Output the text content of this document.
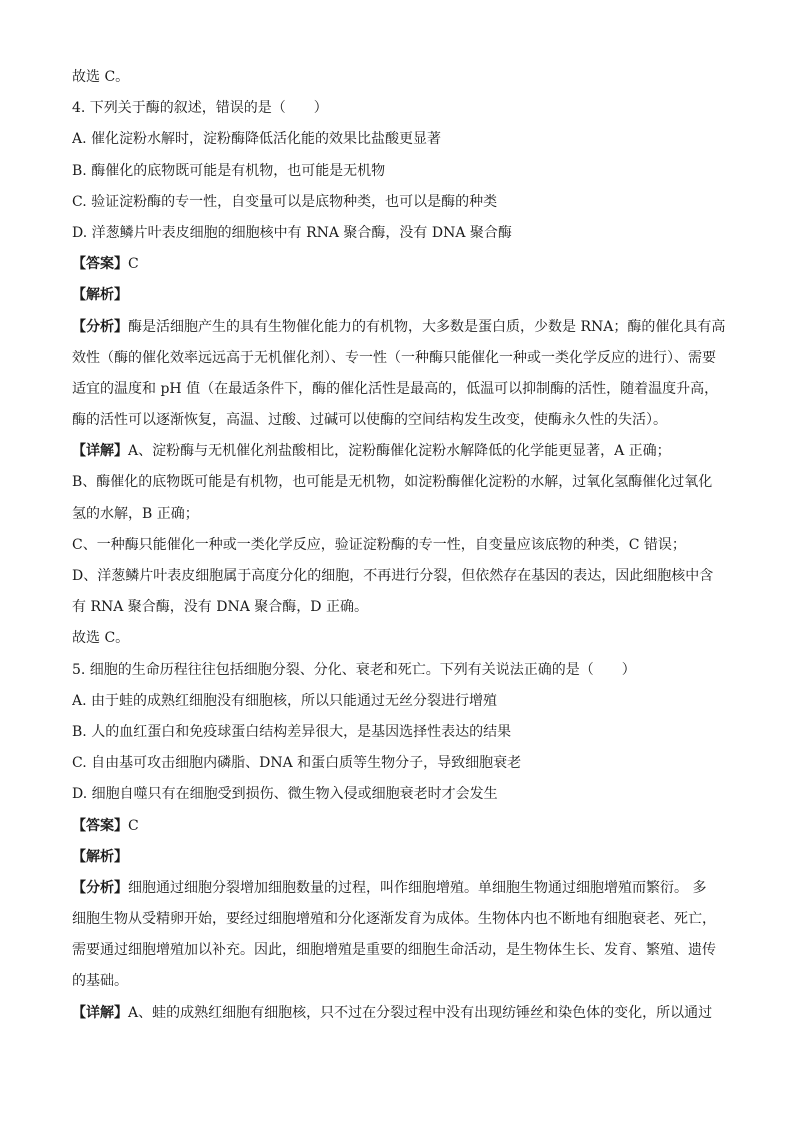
故选 C。
4. 下列关于酶的叙述，错误的是（　　）
A. 催化淀粉水解时，淀粉酶降低活化能的效果比盐酸更显著
B. 酶催化的底物既可能是有机物，也可能是无机物
C. 验证淀粉酶的专一性，自变量可以是底物种类，也可以是酶的种类
D. 洋葱鳞片叶表皮细胞的细胞核中有 RNA 聚合酶，没有 DNA 聚合酶
【答案】C
【解析】
【分析】酶是活细胞产生的具有生物催化能力的有机物，大多数是蛋白质，少数是 RNA；酶的催化具有高
效性（酶的催化效率远远高于无机催化剂）、专一性（一种酶只能催化一种或一类化学反应的进行）、需要
适宜的温度和 pH 值（在最适条件下，酶的催化活性是最高的，低温可以抑制酶的活性，随着温度升高，
酶的活性可以逐渐恢复，高温、过酸、过碱可以使酶的空间结构发生改变，使酶永久性的失活）。
【详解】A、淀粉酶与无机催化剂盐酸相比，淀粉酶催化淀粉水解降低的化学能更显著，A 正确；
B、酶催化的底物既可能是有机物，也可能是无机物，如淀粉酶催化淀粉的水解，过氧化氢酶催化过氧化
氢的水解，B 正确；
C、一种酶只能催化一种或一类化学反应，验证淀粉酶的专一性，自变量应该底物的种类，C 错误；
D、洋葱鳞片叶表皮细胞属于高度分化的细胞，不再进行分裂，但依然存在基因的表达，因此细胞核中含
有 RNA 聚合酶，没有 DNA 聚合酶，D 正确。
故选 C。
5. 细胞的生命历程往往包括细胞分裂、分化、衰老和死亡。下列有关说法正确的是（　　）
A. 由于蛙的成熟红细胞没有细胞核，所以只能通过无丝分裂进行增殖
B. 人的血红蛋白和免疫球蛋白结构差异很大，是基因选择性表达的结果
C. 自由基可攻击细胞内磷脂、DNA 和蛋白质等生物分子，导致细胞衰老
D. 细胞自噬只有在细胞受到损伤、微生物入侵或细胞衰老时才会发生
【答案】C
【解析】
【分析】细胞通过细胞分裂增加细胞数量的过程，叫作细胞增殖。单细胞生物通过细胞增殖而繁衍。 多
细胞生物从受精卵开始，要经过细胞增殖和分化逐渐发育为成体。生物体内也不断地有细胞衰老、死亡，
需要通过细胞增殖加以补充。因此，细胞增殖是重要的细胞生命活动，是生物体生长、发育、繁殖、遗传
的基础。
【详解】A、蛙的成熟红细胞有细胞核，只不过在分裂过程中没有出现纺锤丝和染色体的变化，所以通过
